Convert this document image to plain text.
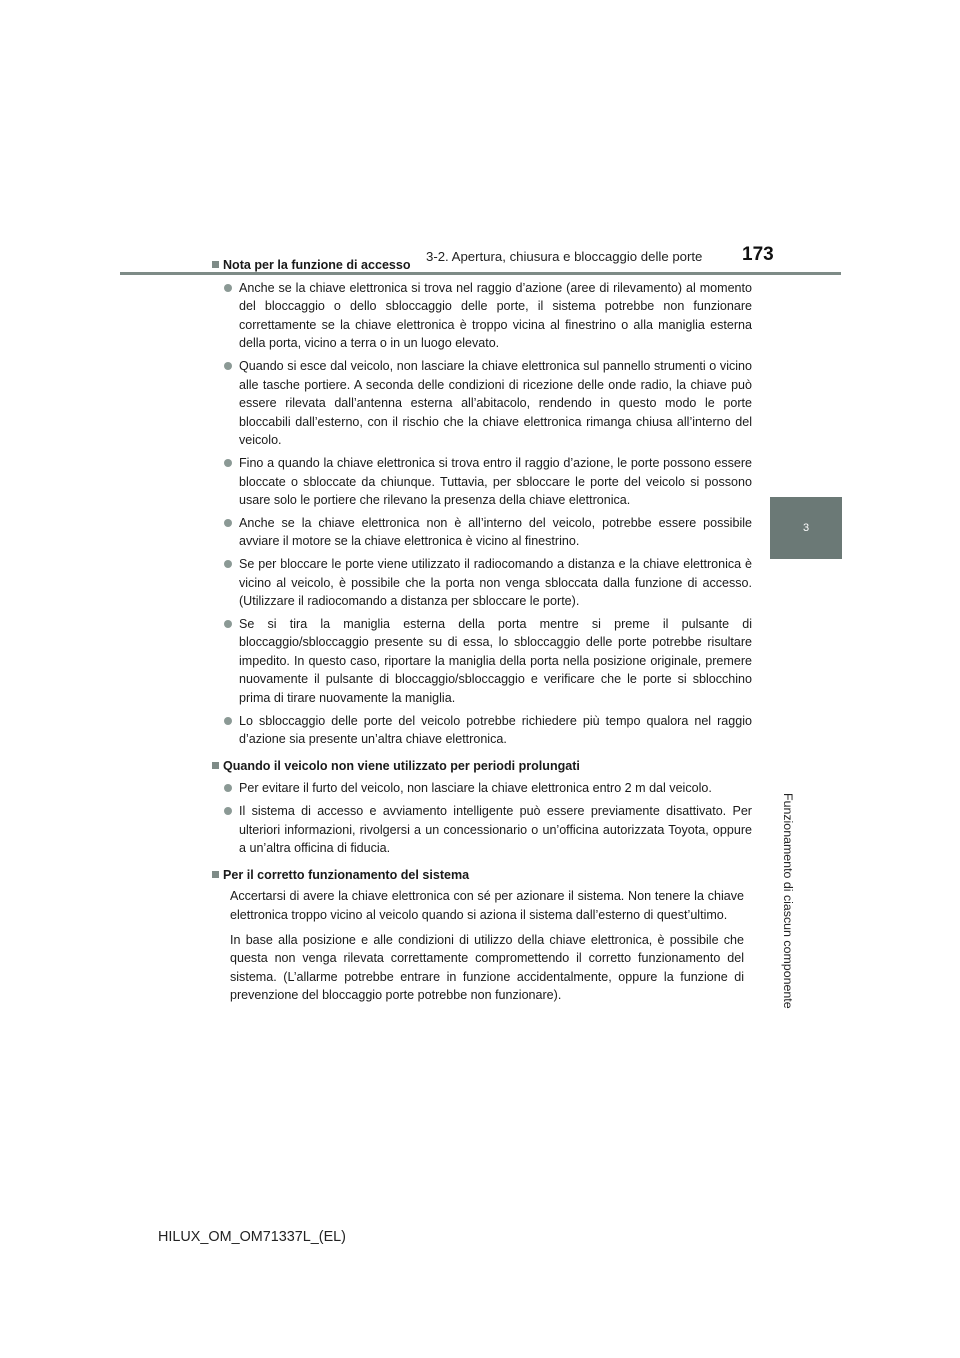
3-2. Apertura, chiusura e bloccaggio delle porte 173
3
Funzionamento di ciascun componente
Nota per la funzione di accesso
Anche se la chiave elettronica si trova nel raggio d’azione (aree di rilevamento) al momento del bloccaggio o dello sbloccaggio delle porte, il sistema potrebbe non funzionare correttamente se la chiave elettronica è troppo vicina al finestrino o alla maniglia esterna della porta, vicino a terra o in un luogo elevato.
Quando si esce dal veicolo, non lasciare la chiave elettronica sul pannello strumenti o vicino alle tasche portiere. A seconda delle condizioni di ricezione delle onde radio, la chiave può essere rilevata dall’antenna esterna all’abitacolo, rendendo in questo modo le porte bloccabili dall’esterno, con il rischio che la chiave elettronica rimanga chiusa all’interno del veicolo.
Fino a quando la chiave elettronica si trova entro il raggio d’azione, le porte possono essere bloccate o sbloccate da chiunque. Tuttavia, per sbloccare le porte del veicolo si possono usare solo le portiere che rilevano la presenza della chiave elettronica.
Anche se la chiave elettronica non è all’interno del veicolo, potrebbe essere possibile avviare il motore se la chiave elettronica è vicino al finestrino.
Se per bloccare le porte viene utilizzato il radiocomando a distanza e la chiave elettronica è vicino al veicolo, è possibile che la porta non venga sbloccata dalla funzione di accesso. (Utilizzare il radiocomando a distanza per sbloccare le porte).
Se si tira la maniglia esterna della porta mentre si preme il pulsante di bloccaggio/sbloccaggio presente su di essa, lo sbloccaggio delle porte potrebbe risultare impedito. In questo caso, riportare la maniglia della porta nella posizione originale, premere nuovamente il pulsante di bloccaggio/sbloccaggio e verificare che le porte si sblocchino prima di tirare nuovamente la maniglia.
Lo sbloccaggio delle porte del veicolo potrebbe richiedere più tempo qualora nel raggio d’azione sia presente un’altra chiave elettronica.
Quando il veicolo non viene utilizzato per periodi prolungati
Per evitare il furto del veicolo, non lasciare la chiave elettronica entro 2 m dal veicolo.
Il sistema di accesso e avviamento intelligente può essere previamente disattivato. Per ulteriori informazioni, rivolgersi a un concessionario o un’officina autorizzata Toyota, oppure a un’altra officina di fiducia.
Per il corretto funzionamento del sistema
Accertarsi di avere la chiave elettronica con sé per azionare il sistema. Non tenere la chiave elettronica troppo vicino al veicolo quando si aziona il sistema dall’esterno di quest’ultimo.
In base alla posizione e alle condizioni di utilizzo della chiave elettronica, è possibile che questa non venga rilevata correttamente compromettendo il corretto funzionamento del sistema. (L’allarme potrebbe entrare in funzione accidentalmente, oppure la funzione di prevenzione del bloccaggio porte potrebbe non funzionare).
HILUX_OM_OM71337L_(EL)
